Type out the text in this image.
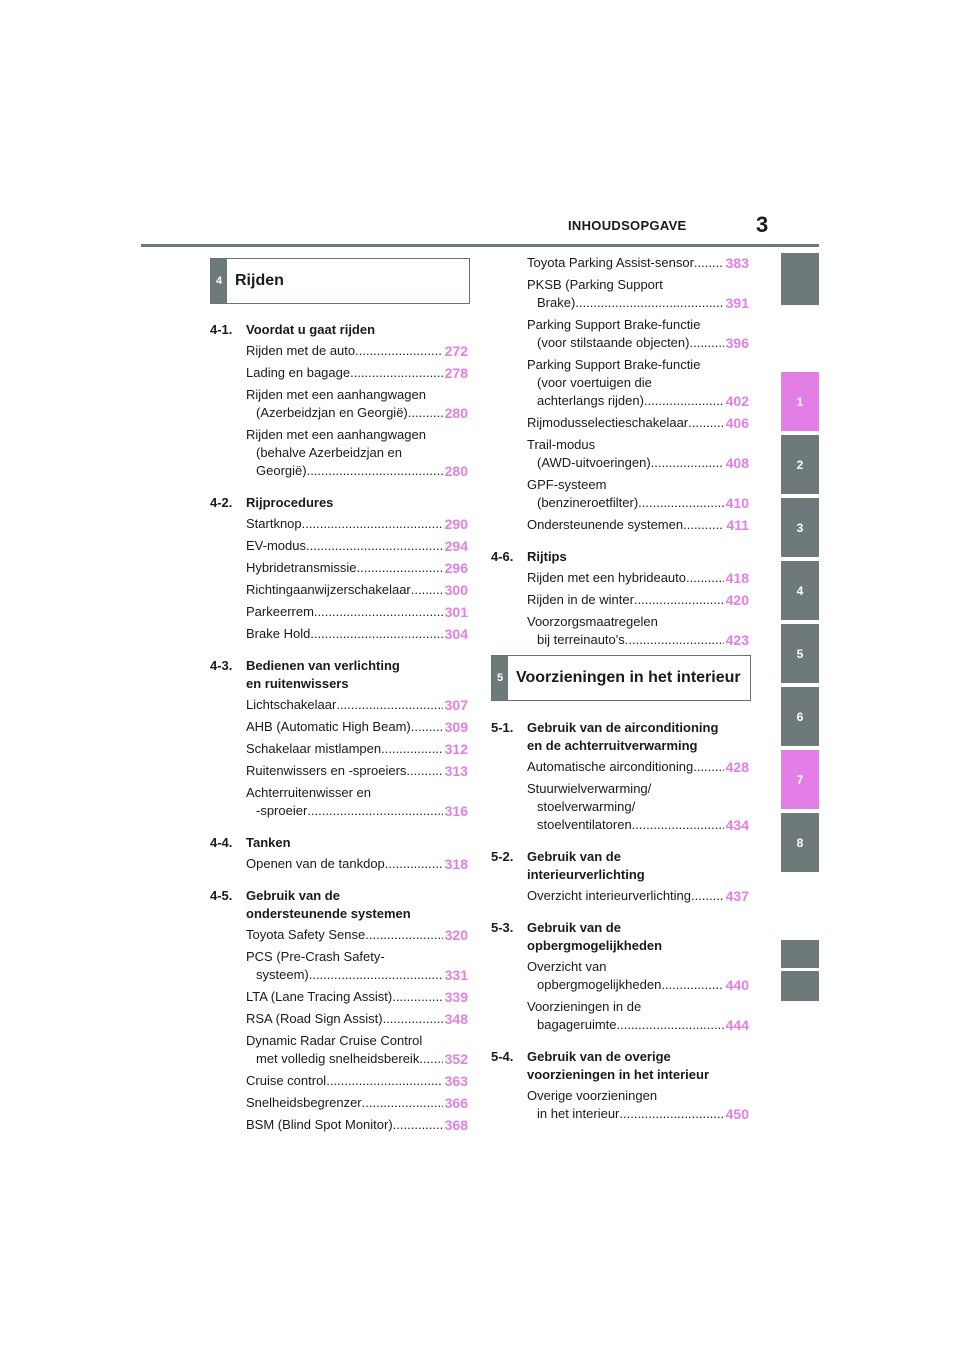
INHOUDSOPGAVE	3
1
2
3
4
5
6
7
8
4 Rijden
4-1.	Voordat u gaat rijden
Rijden met de auto .....	272
Lading en bagage .....	278
Rijden met een aanhangwagen
(Azerbeidzjan en Georgië) .....	280
Rijden met een aanhangwagen
(behalve Azerbeidzjan en
Georgië) .....	280
4-2.	Rijprocedures
Startknop .....	290
EV-modus .....	294
Hybridetransmissie .....	296
Richtingaanwijzerschakelaar ..... 300
Parkeerrem .....	301
Brake Hold .....	304
4-3.	Bedienen van verlichting
en ruitenwissers
Lichtschakelaar .....	307
AHB (Automatic High Beam) ..... 309
Schakelaar mistlampen .....	312
Ruitenwissers en -sproeiers .....	313
Achterruitenwisser en
-sproeier .....	316
4-4.	Tanken
Openen van de tankdop .....	318
4-5.	Gebruik van de
ondersteunende systemen
Toyota Safety Sense .....	320
PCS (Pre-Crash Safety-
systeem) .....	331
LTA (Lane Tracing Assist) .....	339
RSA (Road Sign Assist) .....	348
Dynamic Radar Cruise Control
met volledig snelheidsbereik ..... 352
Cruise control .....	363
Snelheidsbegrenzer .....	366
BSM (Blind Spot Monitor) .....	368
Toyota Parking Assist-sensor ..... 383
PKSB (Parking Support
Brake) .....	391
Parking Support Brake-functie
(voor stilstaande objecten) .....	396
Parking Support Brake-functie
(voor voertuigen die
achterlangs rijden) .....	402
Rijmodusselectieschakelaar .....	406
Trail-modus
(AWD-uitvoeringen) .....	408
GPF-systeem
(benzineroetfilter) .....	410
Ondersteunende systemen .....	411
4-6.	Rijtips
Rijden met een hybrideauto .....	418
Rijden in de winter .....	420
Voorzorgsmaatregelen
bij terreinauto's .....	423
5 Voorzieningen in het interieur
5-1.	Gebruik van de airconditioning
en de achterruitverwarming
Automatische airconditioning ..... 428
Stuurwielverwarming/
stoelverwarming/
stoelventilatoren .....	434
5-2.	Gebruik van de
interieurverlichting
Overzicht interieurverlichting ..... 437
5-3.	Gebruik van de
opbergmogelijkheden
Overzicht van
opbergmogelijkheden .....	440
Voorzieningen in de
bagageruimte .....	444
5-4.	Gebruik van de overige
voorzieningen in het interieur
Overige voorzieningen
in het interieur .....	450
